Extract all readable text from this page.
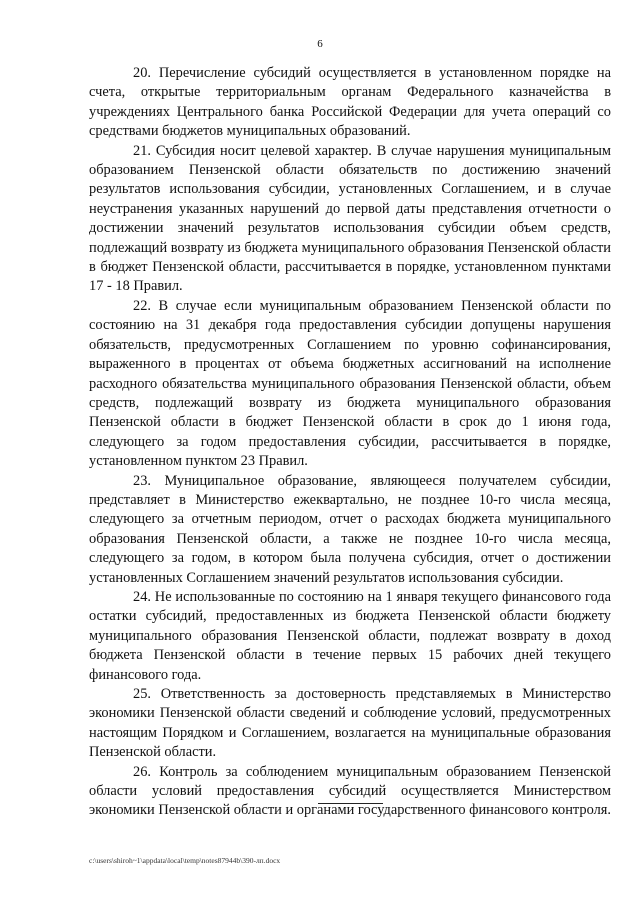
6

20. Перечисление субсидий осуществляется в установленном порядке на счета, открытые территориальным органам Федерального казначейства в учреждениях Центрального банка Российской Федерации для учета операций со средствами бюджетов муниципальных образований.

21. Субсидия носит целевой характер. В случае нарушения муниципальным образованием Пензенской области обязательств по достижению значений результатов использования субсидии, установленных Соглашением, и в случае неустранения указанных нарушений до первой даты представления отчетности о достижении значений результатов использования субсидии объем средств, подлежащий возврату из бюджета муниципального образования Пензенской области в бюджет Пензенской области, рассчитывается в порядке, установленном пунктами 17 - 18 Правил.

22. В случае если муниципальным образованием Пензенской области по состоянию на 31 декабря года предоставления субсидии допущены нарушения обязательств, предусмотренных Соглашением по уровню софинансирования, выраженного в процентах от объема бюджетных ассигнований на исполнение расходного обязательства муниципального образования Пензенской области, объем средств, подлежащий возврату из бюджета муниципального образования Пензенской области в бюджет Пензенской области в срок до 1 июня года, следующего за годом предоставления субсидии, рассчитывается в порядке, установленном пунктом 23 Правил.

23. Муниципальное образование, являющееся получателем субсидии, представляет в Министерство ежеквартально, не позднее 10-го числа месяца, следующего за отчетным периодом, отчет о расходах бюджета муниципального образования Пензенской области, а также не позднее 10-го числа месяца, следующего за годом, в котором была получена субсидия, отчет о достижении установленных Соглашением значений результатов использования субсидии.

24. Не использованные по состоянию на 1 января текущего финансового года остатки субсидий, предоставленных из бюджета Пензенской области бюджету муниципального образования Пензенской области, подлежат возврату в доход бюджета Пензенской области в течение первых 15 рабочих дней текущего финансового года.

25. Ответственность за достоверность представляемых в Министерство экономики Пензенской области сведений и соблюдение условий, предусмотренных настоящим Порядком и Соглашением, возлагается на муниципальные образования Пензенской области.

26. Контроль за соблюдением муниципальным образованием Пензенской области условий предоставления субсидий осуществляется Министерством экономики Пензенской области и органами государственного финансового контроля.

c:\users\shiroh~1\appdata\local\temp\notes87944b\390-лп.docx
